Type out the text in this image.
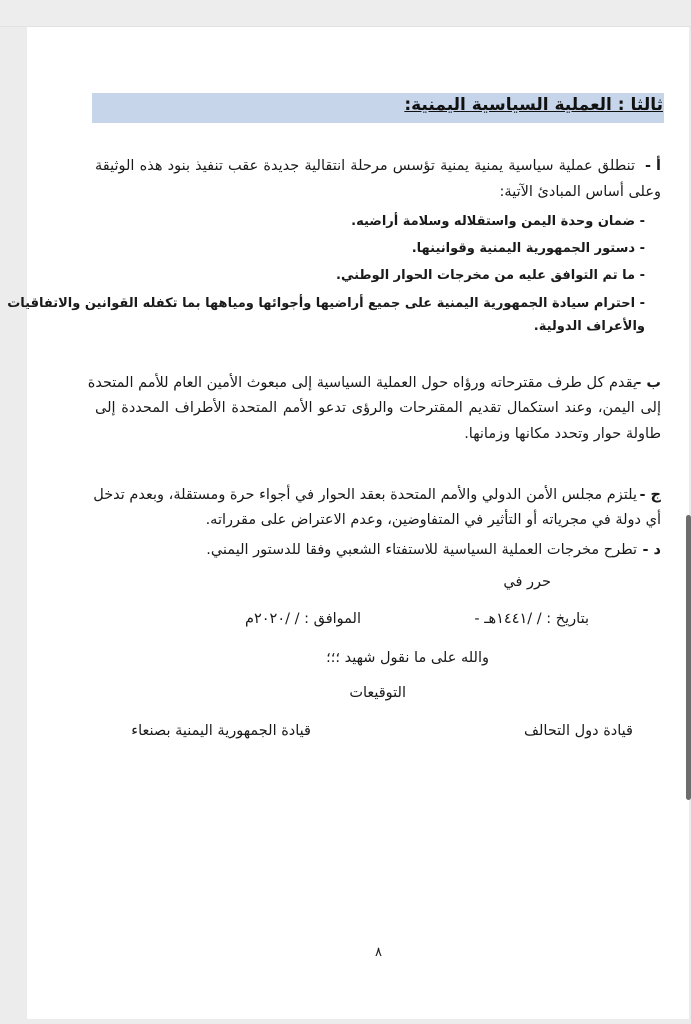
ثالثا : العملية السياسية اليمنية:
أ -
تنطلق عملية سياسية يمنية يمنية تؤسس مرحلة انتقالية جديدة عقب تنفيذ بنود هذه الوثيقة
وعلى أساس المبادئ الآتية:
- ضمان وحدة اليمن واستقلاله وسلامة أراضيه.
- دستور الجمهورية اليمنية وقوانينها.
- ما تم التوافق عليه من مخرجات الحوار الوطني.
- احترام سيادة الجمهورية اليمنية على جميع أراضيها وأجوائها ومياهها بما تكفله القوانين والاتفاقيات
والأعراف الدولية.
ب -
يقدم كل طرف مقترحاته ورؤاه حول العملية السياسية إلى مبعوث الأمين العام للأمم المتحدة
إلى اليمن، وعند استكمال تقديم المقترحات والرؤى تدعو الأمم المتحدة الأطراف المحددة إلى
طاولة حوار وتحدد مكانها وزمانها.
ج -
يلتزم مجلس الأمن الدولي والأمم المتحدة بعقد الحوار في أجواء حرة ومستقلة، وبعدم تدخل
أي دولة في مجرياته أو التأثير في المتفاوضين، وعدم الاعتراض على مقرراته.
د -
تطرح مخرجات العملية السياسية للاستفتاء الشعبي وفقا للدستور اليمني.
حرر في
بتاريخ : / /١٤٤١هـ -
الموافق : / /٢٠٢٠م
والله على ما نقول شهيد ؛؛؛
التوقيعات
قيادة دول التحالف
قيادة الجمهورية اليمنية بصنعاء
٨
